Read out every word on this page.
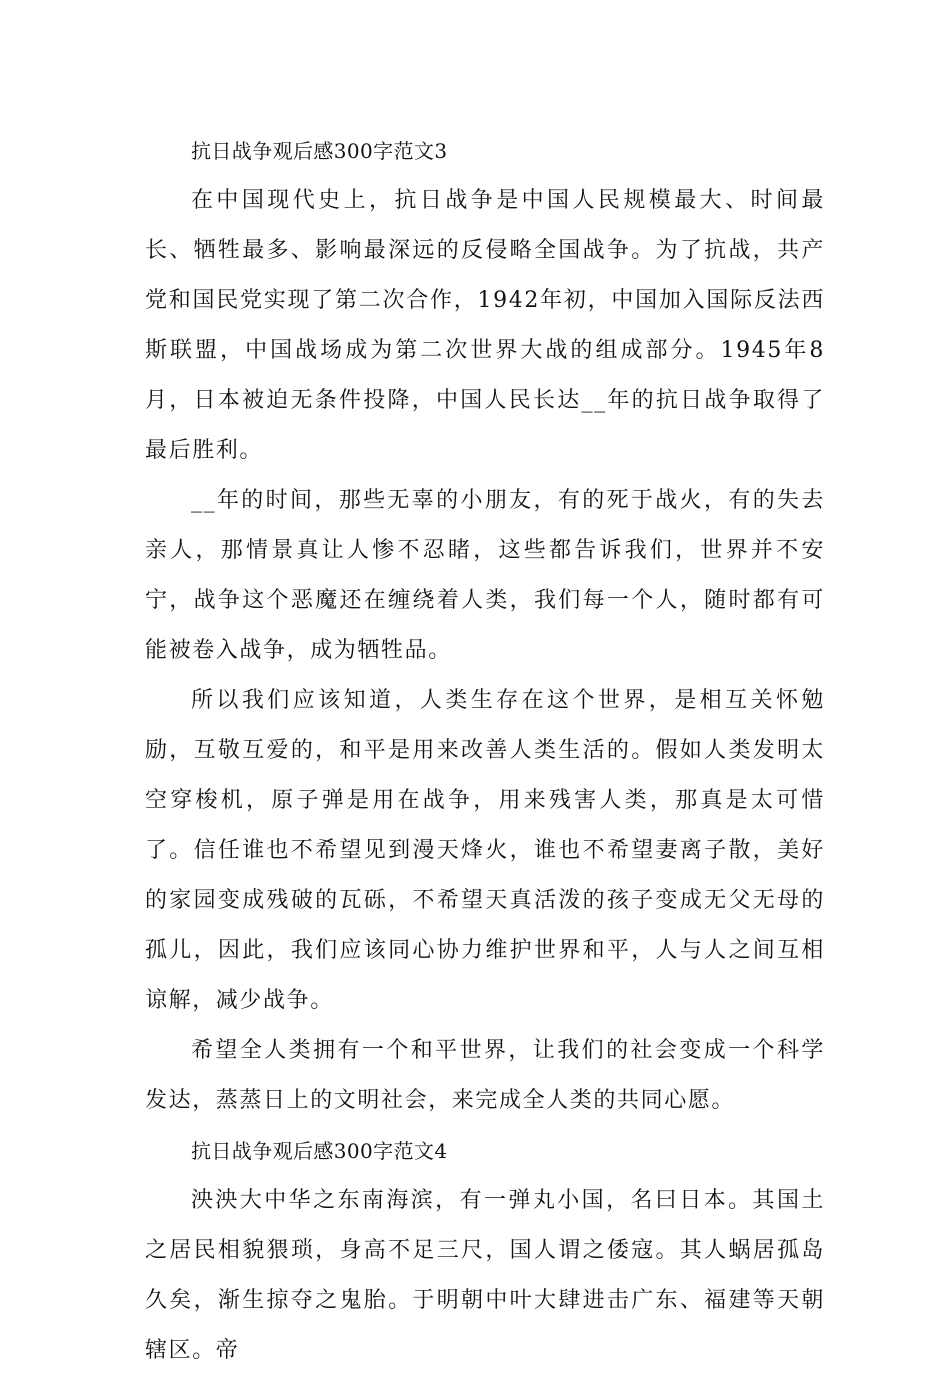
抗日战争观后感300字范文3

在中国现代史上，抗日战争是中国人民规模最大、时间最长、牺牲最多、影响最深远的反侵略全国战争。为了抗战，共产党和国民党实现了第二次合作，1942年初，中国加入国际反法西斯联盟，中国战场成为第二次世界大战的组成部分。1945年8月，日本被迫无条件投降，中国人民长达__年的抗日战争取得了最后胜利。

__年的时间，那些无辜的小朋友，有的死于战火，有的失去亲人，那情景真让人惨不忍睹，这些都告诉我们，世界并不安宁，战争这个恶魔还在缠绕着人类，我们每一个人，随时都有可能被卷入战争，成为牺牲品。

所以我们应该知道，人类生存在这个世界，是相互关怀勉励，互敬互爱的，和平是用来改善人类生活的。假如人类发明太空穿梭机，原子弹是用在战争，用来残害人类，那真是太可惜了。信任谁也不希望见到漫天烽火，谁也不希望妻离子散，美好的家园变成残破的瓦砾，不希望天真活泼的孩子变成无父无母的孤儿，因此，我们应该同心协力维护世界和平，人与人之间互相谅解，减少战争。

希望全人类拥有一个和平世界，让我们的社会变成一个科学发达，蒸蒸日上的文明社会，来完成全人类的共同心愿。

抗日战争观后感300字范文4

泱泱大中华之东南海滨，有一弹丸小国，名曰日本。其国土之居民相貌猥琐，身高不足三尺，国人谓之倭寇。其人蜗居孤岛久矣，渐生掠夺之鬼胎。于明朝中叶大肆进击广东、福建等天朝辖区。帝
